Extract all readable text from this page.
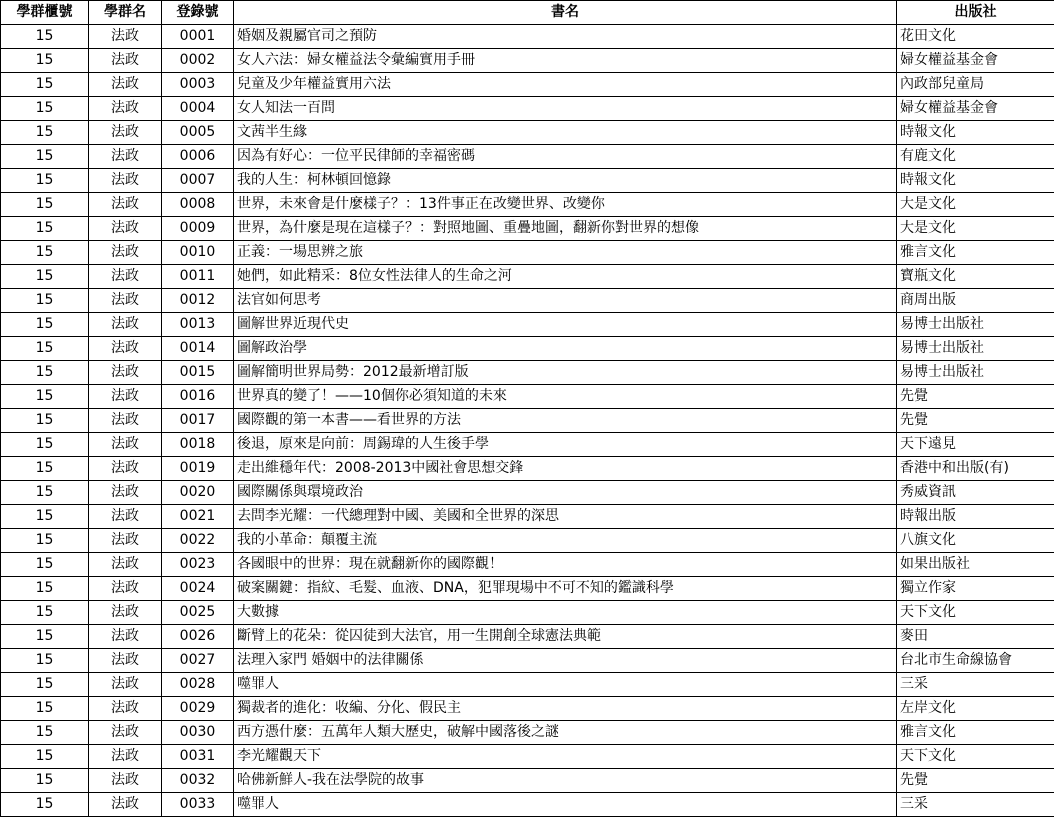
學群櫃號	學群名	登錄號	書名	出版社
15	法政	0001	婚姻及親屬官司之預防	花田文化
15	法政	0002	女人六法：婦女權益法令彙編實用手冊	婦女權益基金會
15	法政	0003	兒童及少年權益實用六法	內政部兒童局
15	法政	0004	女人知法一百問	婦女權益基金會
15	法政	0005	文茜半生緣	時報文化
15	法政	0006	因為有好心：一位平民律師的幸福密碼	有鹿文化
15	法政	0007	我的人生：柯林頓回憶錄	時報文化
15	法政	0008	世界，未來會是什麼樣子？：13件事正在改變世界、改變你	大是文化
15	法政	0009	世界，為什麼是現在這樣子？：對照地圖、重疊地圖，翻新你對世界的想像	大是文化
15	法政	0010	正義：一場思辨之旅	雅言文化
15	法政	0011	她們，如此精采：8位女性法律人的生命之河	寶瓶文化
15	法政	0012	法官如何思考	商周出版
15	法政	0013	圖解世界近現代史	易博士出版社
15	法政	0014	圖解政治學	易博士出版社
15	法政	0015	圖解簡明世界局勢：2012最新增訂版	易博士出版社
15	法政	0016	世界真的變了！——10個你必須知道的未來	先覺
15	法政	0017	國際觀的第一本書——看世界的方法	先覺
15	法政	0018	後退，原來是向前：周錫瑋的人生後手學	天下遠見
15	法政	0019	走出維穩年代：2008-2013中國社會思想交鋒	香港中和出版(有)
15	法政	0020	國際關係與環境政治	秀威資訊
15	法政	0021	去問李光耀：一代總理對中國、美國和全世界的深思	時報出版
15	法政	0022	我的小革命：顛覆主流	八旗文化
15	法政	0023	各國眼中的世界：現在就翻新你的國際觀！	如果出版社
15	法政	0024	破案關鍵：指紋、毛髮、血液、DNA，犯罪現場中不可不知的鑑識科學	獨立作家
15	法政	0025	大數據	天下文化
15	法政	0026	斷臂上的花朵：從囚徒到大法官，用一生開創全球憲法典範	麥田
15	法政	0027	法理入家門 婚姻中的法律關係	台北市生命線協會
15	法政	0028	噬罪人	三采
15	法政	0029	獨裁者的進化：收編、分化、假民主	左岸文化
15	法政	0030	西方憑什麼：五萬年人類大歷史，破解中國落後之謎	雅言文化
15	法政	0031	李光耀觀天下	天下文化
15	法政	0032	哈佛新鮮人-我在法學院的故事	先覺
15	法政	0033	噬罪人	三采
